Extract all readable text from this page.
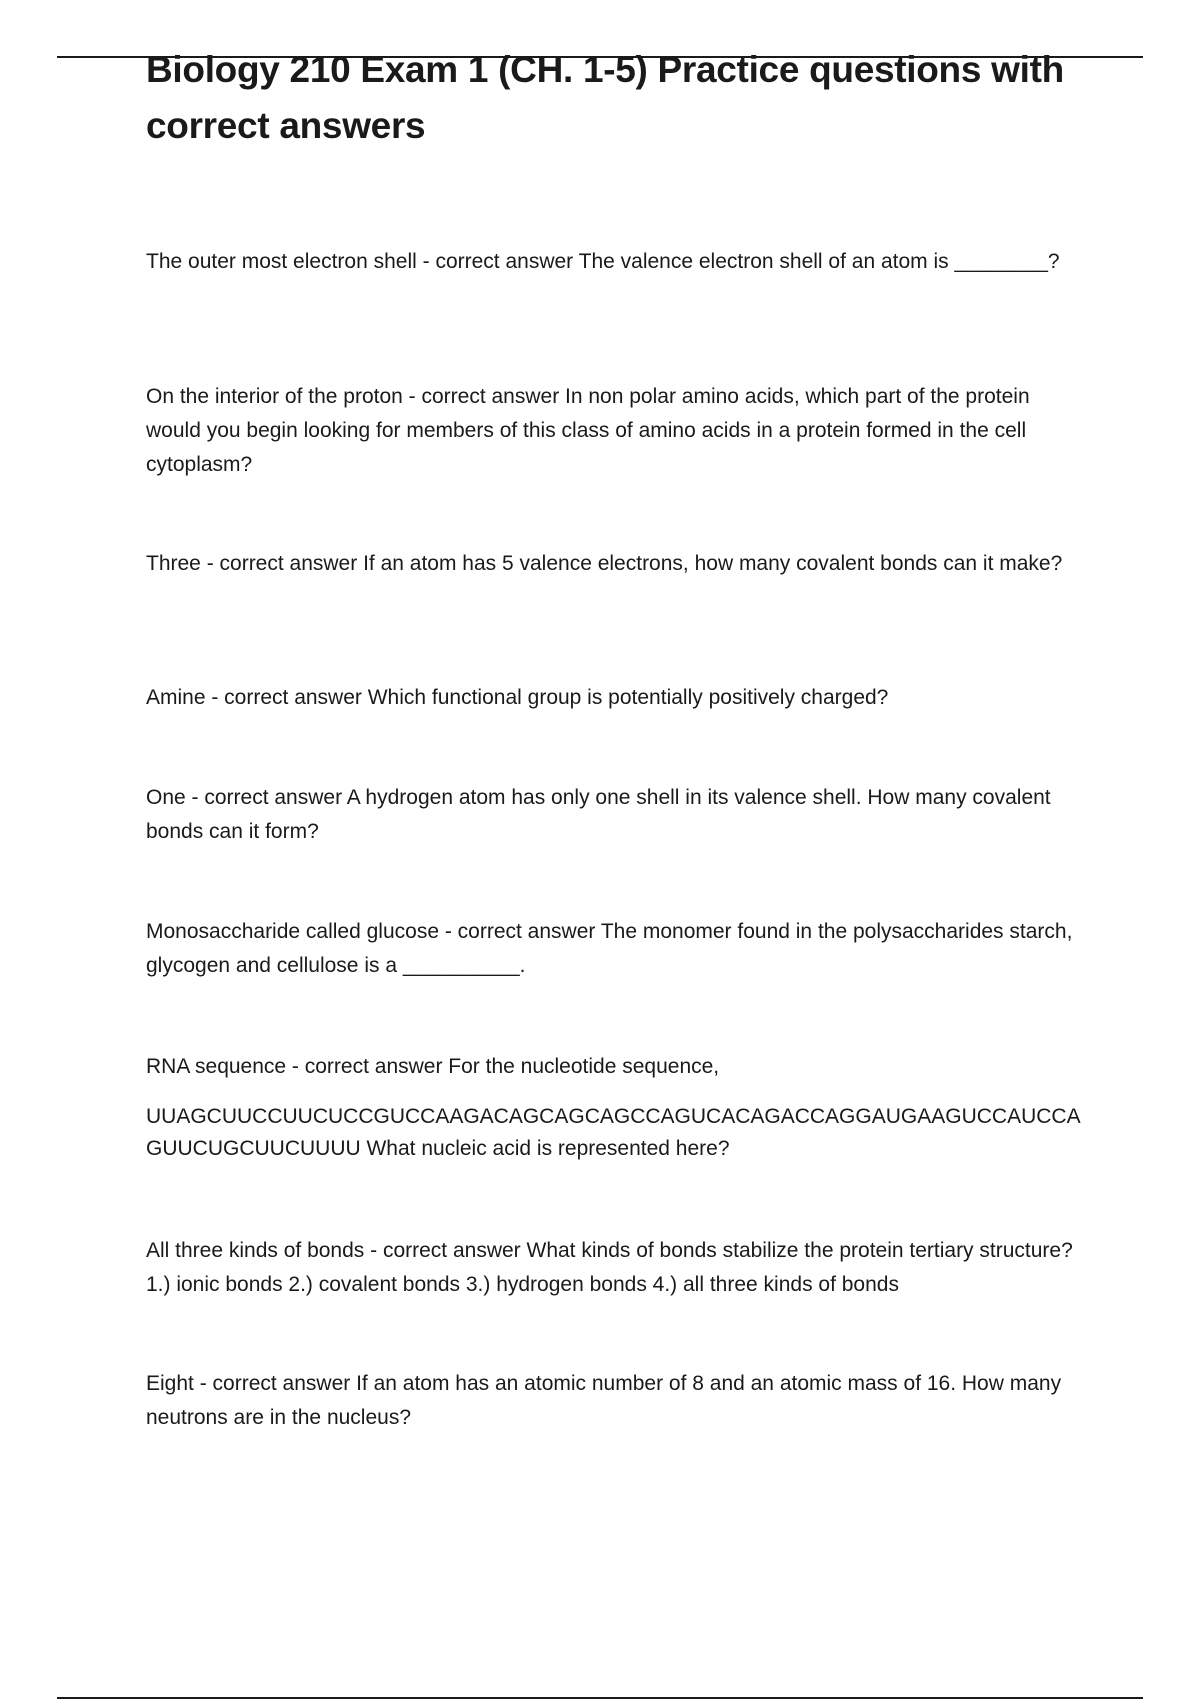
Biology 210 Exam 1 (CH. 1-5) Practice questions with correct answers

The outer most electron shell - correct answer The valence electron shell of an atom is ________?

On the interior of the proton - correct answer In non polar amino acids, which part of the protein would you begin looking for members of this class of amino acids in a protein formed in the cell cytoplasm?

Three - correct answer If an atom has 5 valence electrons, how many covalent bonds can it make?

Amine - correct answer Which functional group is potentially positively charged?

One - correct answer A hydrogen atom has only one shell in its valence shell. How many covalent bonds can it form?

Monosaccharide called glucose - correct answer The monomer found in the polysaccharides starch, glycogen and cellulose is a __________.

RNA sequence - correct answer For the nucleotide sequence,

UUAGCUUCCUUCUCCGUCCAAGACAGCAGCAGCCAGUCACAGACCAGGAUGAAGUCCAUCCAGUUCUGCUUCUUUU What nucleic acid is represented here?

All three kinds of bonds - correct answer What kinds of bonds stabilize the protein tertiary structure? 1.) ionic bonds 2.) covalent bonds 3.) hydrogen bonds 4.) all three kinds of bonds

Eight - correct answer If an atom has an atomic number of 8 and an atomic mass of 16. How many neutrons are in the nucleus?
